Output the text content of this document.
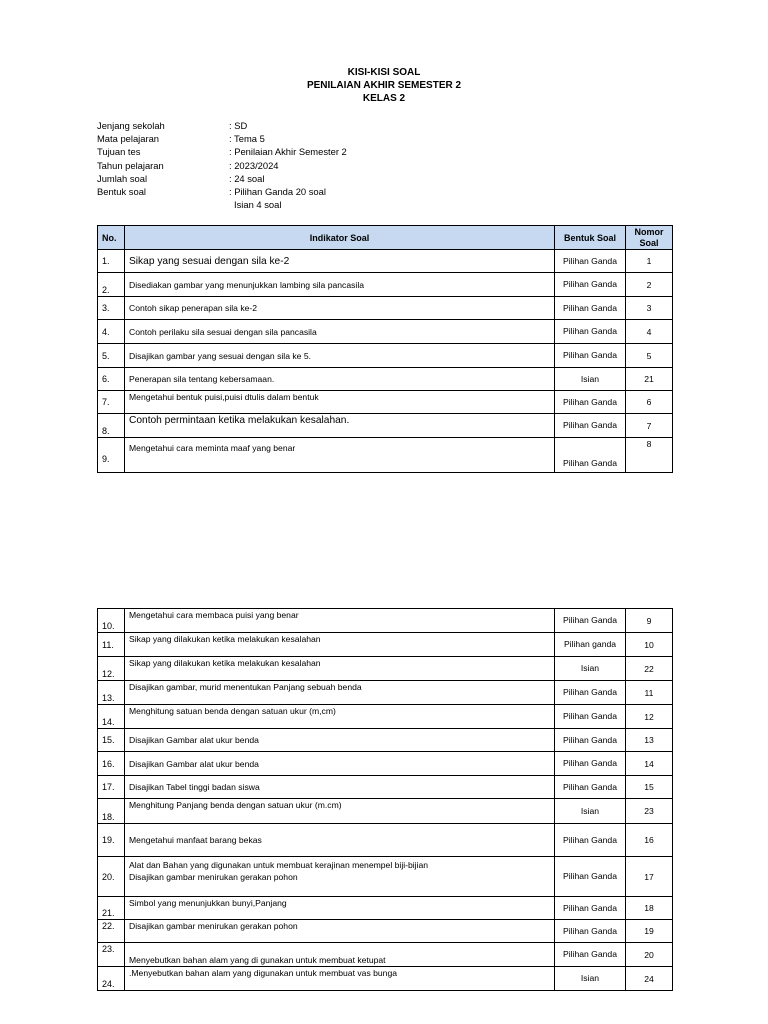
KISI-KISI SOAL
PENILAIAN AKHIR SEMESTER 2
KELAS 2
Jenjang sekolah	: SD
Mata pelajaran	: Tema 5
Tujuan tes	: Penilaian Akhir Semester 2
Tahun pelajaran	: 2023/2024
Jumlah soal	: 24 soal
Bentuk soal	: Pilihan Ganda 20 soal
Isian 4 soal
No.	Indikator Soal	Bentuk Soal	Nomor Soal
1.	Sikap yang sesuai dengan sila ke-2	Pilihan Ganda	1
2.	Disediakan gambar yang menunjukkan lambing sila pancasila	Pilihan Ganda	2
3.	Contoh sikap penerapan sila ke-2	Pilihan Ganda	3
4.	Contoh perilaku sila sesuai dengan sila pancasila	Pilihan Ganda	4
5.	Disajikan gambar yang sesuai dengan sila ke 5.	Pilihan Ganda	5
6.	Penerapan sila tentang kebersamaan.	Isian	21
7.	Mengetahui bentuk puisi,puisi dtulis dalam bentuk	Pilihan Ganda	6
8.	Contoh permintaan ketika melakukan kesalahan.	Pilihan Ganda	7
9.	Mengetahui cara meminta maaf yang benar	Pilihan Ganda	8
10.	Mengetahui cara membaca puisi yang benar	Pilihan Ganda	9
11.	Sikap yang dilakukan ketika melakukan kesalahan	Pilihan ganda	10
12.	Sikap yang dilakukan ketika melakukan kesalahan	Isian	22
13.	Disajikan gambar, murid menentukan Panjang sebuah benda	Pilihan Ganda	11
14.	Menghitung satuan benda dengan satuan ukur (m,cm)	Pilihan Ganda	12
15.	Disajikan Gambar alat ukur benda	Pilihan Ganda	13
16.	Disajikan Gambar alat ukur benda	Pilihan Ganda	14
17.	Disajikan Tabel tinggi badan siswa	Pilihan Ganda	15
18.	Menghitung Panjang benda dengan satuan ukur (m.cm)	Isian	23
19.	Mengetahui manfaat barang bekas	Pilihan Ganda	16
20.	Alat dan Bahan yang digunakan untuk membuat kerajinan menempel biji-bijian
Disajikan gambar menirukan gerakan pohon	Pilihan Ganda	17
21.	Simbol yang menunjukkan bunyi,Panjang	Pilihan Ganda	18
22.	Disajikan gambar menirukan gerakan pohon	Pilihan Ganda	19
23.	Menyebutkan bahan alam yang di gunakan untuk membuat ketupat	Pilihan Ganda	20
24.	.Menyebutkan bahan alam yang digunakan untuk membuat vas bunga	Isian	24
